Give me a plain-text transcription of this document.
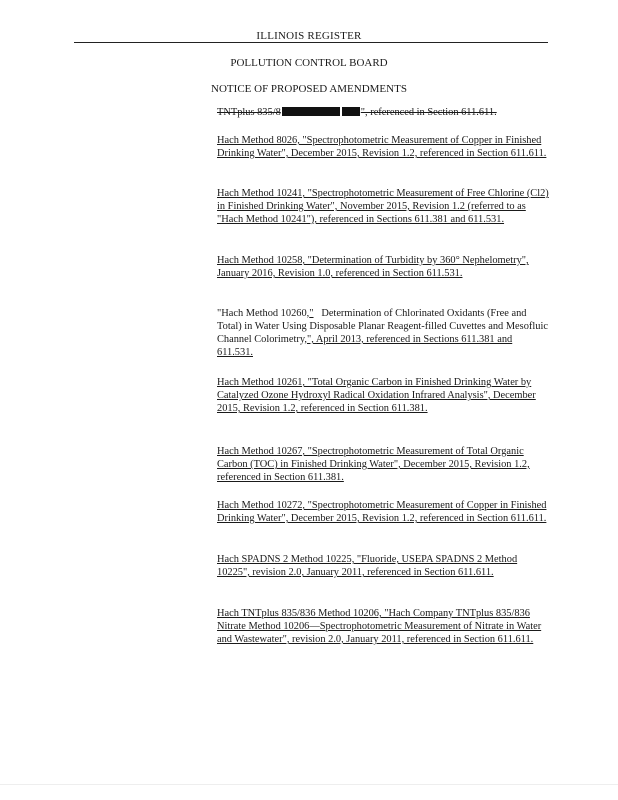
ILLINOIS REGISTER
POLLUTION CONTROL BOARD
NOTICE OF PROPOSED AMENDMENTS

TNTplus 835/8	", referenced in Section 611.611.

Hach Method 8026, "Spectrophotometric Measurement of Copper in Finished Drinking Water", December 2015, Revision 1.2, referenced in Section 611.611.

Hach Method 10241, "Spectrophotometric Measurement of Free Chlorine (Cl2) in Finished Drinking Water", November 2015, Revision 1.2 (referred to as "Hach Method 10241"), referenced in Sections 611.381 and 611.531.

Hach Method 10258, "Determination of Turbidity by 360° Nephelometry", January 2016, Revision 1.0, referenced in Section 611.531.

"Hach Method 10260," Determination of Chlorinated Oxidants (Free and Total) in Water Using Disposable Planar Reagent-filled Cuvettes and Mesofluic Channel Colorimetry,", April 2013, referenced in Sections 611.381 and 611.531.

Hach Method 10261, "Total Organic Carbon in Finished Drinking Water by Catalyzed Ozone Hydroxyl Radical Oxidation Infrared Analysis", December 2015, Revision 1.2, referenced in Section 611.381.

Hach Method 10267, "Spectrophotometric Measurement of Total Organic Carbon (TOC) in Finished Drinking Water", December 2015, Revision 1.2, referenced in Section 611.381.

Hach Method 10272, "Spectrophotometric Measurement of Copper in Finished Drinking Water", December 2015, Revision 1.2, referenced in Section 611.611.

Hach SPADNS 2 Method 10225, "Fluoride, USEPA SPADNS 2 Method 10225", revision 2.0, January 2011, referenced in Section 611.611.

Hach TNTplus 835/836 Method 10206, "Hach Company TNTplus 835/836 Nitrate Method 10206—Spectrophotometric Measurement of Nitrate in Water and Wastewater", revision 2.0, January 2011, referenced in Section 611.611.
